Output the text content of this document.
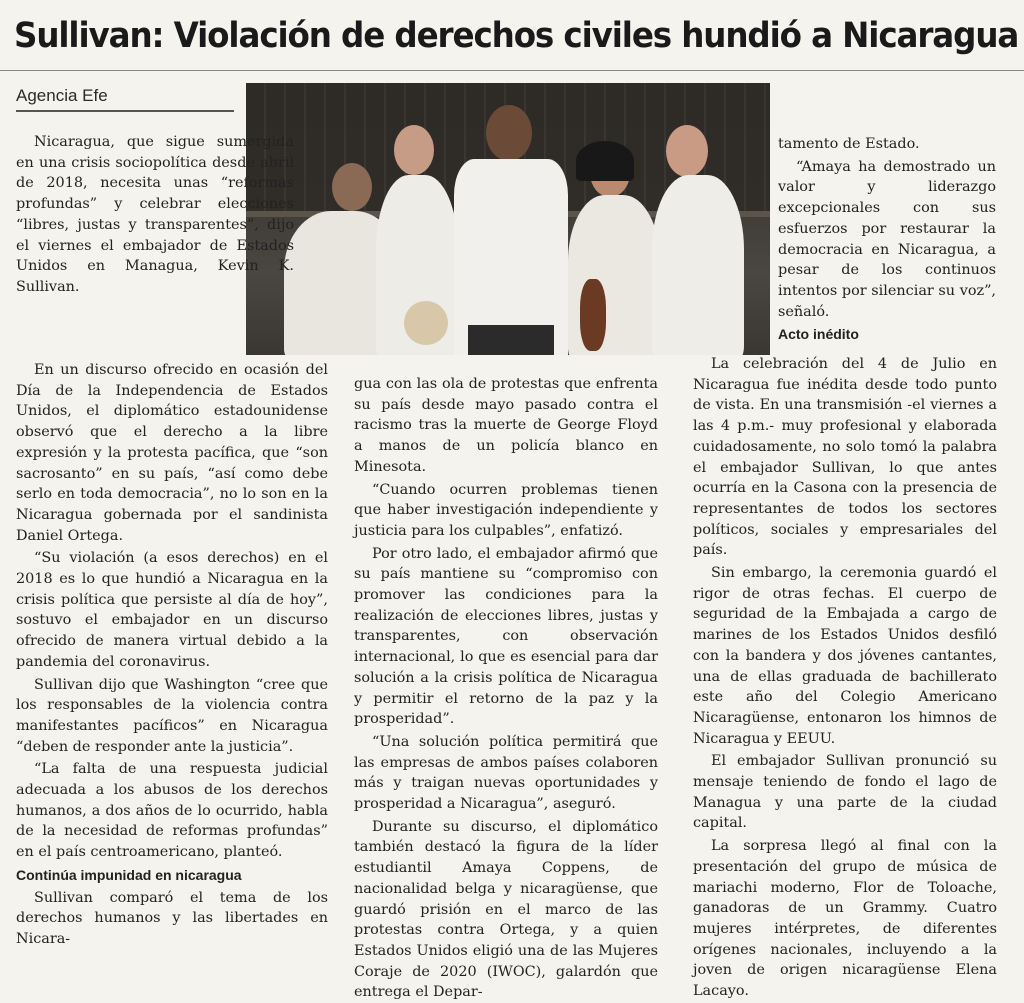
Sullivan: Violación de derechos civiles hundió a Nicaragua
Agencia Efe

Nicaragua, que sigue sumergida en una crisis sociopolítica desde abril de 2018, necesita unas “reformas profundas” y celebrar elecciones “libres, justas y transparentes”, dijo el viernes el embajador de Estados Unidos en Managua, Kevin K. Sullivan.

En un discurso ofrecido en ocasión del Día de la Independencia de Estados Unidos, el diplomático estadounidense observó que el derecho a la libre expresión y la protesta pacífica, que “son sacrosanto” en su país, “así como debe serlo en toda democracia”, no lo son en la Nicaragua gobernada por el sandinista Daniel Ortega.

“Su violación (a esos derechos) en el 2018 es lo que hundió a Nicaragua en la crisis política que persiste al día de hoy”, sostuvo el embajador en un discurso ofrecido de manera virtual debido a la pandemia del coronavirus.

Sullivan dijo que Washington “cree que los responsables de la violencia contra manifestantes pacíficos” en Nicaragua “deben de responder ante la justicia”.

“La falta de una respuesta judicial adecuada a los abusos de los derechos humanos, a dos años de lo ocurrido, habla de la necesidad de reformas profundas” en el país centroamericano, planteó.

Continúa impunidad en nicaragua

Sullivan comparó el tema de los derechos humanos y las libertades en Nicara-

gua con las ola de protestas que enfrenta su país desde mayo pasado contra el racismo tras la muerte de George Floyd a manos de un policía blanco en Minesota.

“Cuando ocurren problemas tienen que haber investigación independiente y justicia para los culpables”, enfatizó.

Por otro lado, el embajador afirmó que su país mantiene su “compromiso con promover las condiciones para la realización de elecciones libres, justas y transparentes, con observación internacional, lo que es esencial para dar solución a la crisis política de Nicaragua y permitir el retorno de la paz y la prosperidad”.

“Una solución política permitirá que las empresas de ambos países colaboren más y traigan nuevas oportunidades y prosperidad a Nicaragua”, aseguró.

Durante su discurso, el diplomático también destacó la figura de la líder estudiantil Amaya Coppens, de nacionalidad belga y nicaragüense, que guardó prisión en el marco de las protestas contra Ortega, y a quien Estados Unidos eligió una de las Mujeres Coraje de 2020 (IWOC), galardón que entrega el Depar-

tamento de Estado.

“Amaya ha demostrado un valor y liderazgo excepcionales con sus esfuerzos por restaurar la democracia en Nicaragua, a pesar de los continuos intentos por silenciar su voz”, señaló.

Acto inédito

La celebración del 4 de Julio en Nicaragua fue inédita desde todo punto de vista. En una transmisión -el viernes a las 4 p.m.- muy profesional y elaborada cuidadosamente, no solo tomó la palabra el embajador Sullivan, lo que antes ocurría en la Casona con la presencia de representantes de todos los sectores políticos, sociales y empresariales del país.

Sin embargo, la ceremonia guardó el rigor de otras fechas. El cuerpo de seguridad de la Embajada a cargo de marines de los Estados Unidos desfiló con la bandera y dos jóvenes cantantes, una de ellas graduada de bachillerato este año del Colegio Americano Nicaragüense, entonaron los himnos de Nicaragua y EEUU.

El embajador Sullivan pronunció su mensaje teniendo de fondo el lago de Managua y una parte de la ciudad capital.

La sorpresa llegó al final con la presentación del grupo de música de mariachi moderno, Flor de Toloache, ganadoras de un Grammy. Cuatro mujeres intérpretes, de diferentes orígenes nacionales, incluyendo a la joven de origen nicaragüense Elena Lacayo.
